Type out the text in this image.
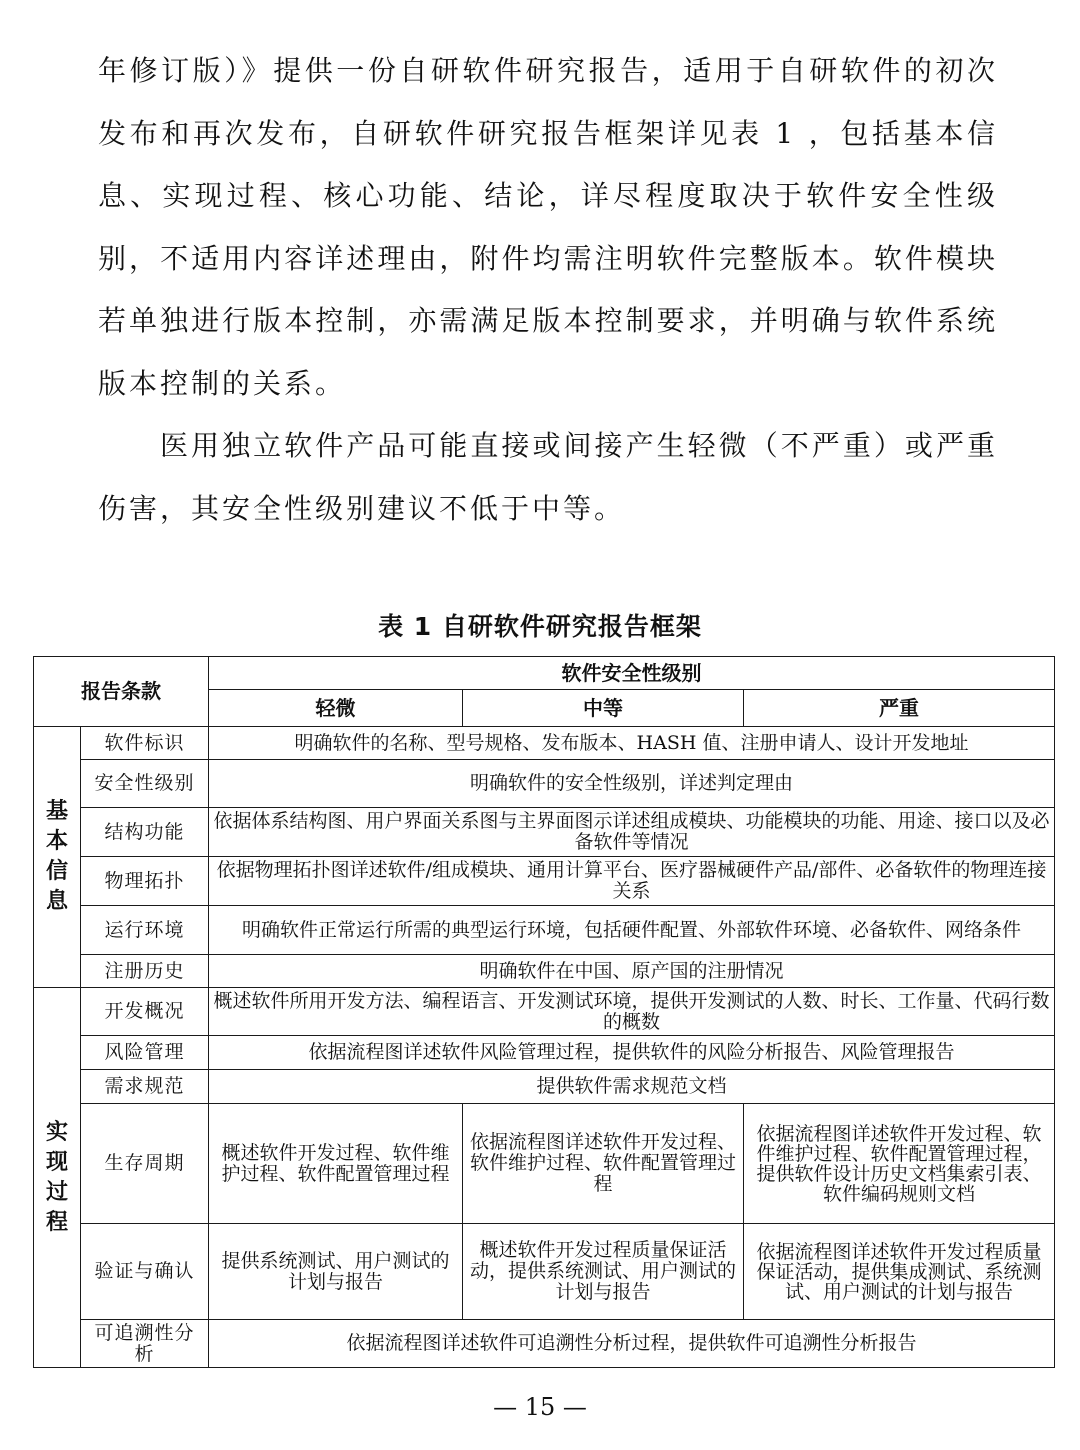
年修订版）》提供一份自研软件研究报告，适用于自研软件的初次发布和再次发布，自研软件研究报告框架详见表 1 ，包括基本信息、实现过程、核心功能、结论，详尽程度取决于软件安全性级别，不适用内容详述理由，附件均需注明软件完整版本。软件模块若单独进行版本控制，亦需满足版本控制要求，并明确与软件系统版本控制的关系。

医用独立软件产品可能直接或间接产生轻微（不严重）或严重伤害，其安全性级别建议不低于中等。

表 1 自研软件研究报告框架
报告条款		软件安全性级别		
		轻微	中等	严重

基本信息	软件标识	明确软件的名称、型号规格、发布版本、HASH 值、注册申请人、设计开发地址		
	安全性级别	明确软件的安全性级别，详述判定理由		
	结构功能	依据体系结构图、用户界面关系图与主界面图示详述组成模块、功能模块的功能、用途、接口以及必备软件等情况		
	物理拓扑	依据物理拓扑图详述软件/组成模块、通用计算平台、医疗器械硬件产品/部件、必备软件的物理连接关系		
	运行环境	明确软件正常运行所需的典型运行环境，包括硬件配置、外部软件环境、必备软件、网络条件		
	注册历史	明确软件在中国、原产国的注册情况		

实现过程	开发概况	概述软件所用开发方法、编程语言、开发测试环境，提供开发测试的人数、时长、工作量、代码行数的概数		
	风险管理	依据流程图详述软件风险管理过程，提供软件的风险分析报告、风险管理报告		
	需求规范	提供软件需求规范文档		
	生存周期	概述软件开发过程、软件维护过程、软件配置管理过程	依据流程图详述软件开发过程、软件维护过程、软件配置管理过程	依据流程图详述软件开发过程、软件维护过程、软件配置管理过程，提供软件设计历史文档集索引表、软件编码规则文档
	验证与确认	提供系统测试、用户测试的计划与报告	概述软件开发过程质量保证活动，提供系统测试、用户测试的计划与报告	依据流程图详述软件开发过程质量保证活动，提供集成测试、系统测试、用户测试的计划与报告
	可追溯性分析	依据流程图详述软件可追溯性分析过程，提供软件可追溯性分析报告		
— 15 —
